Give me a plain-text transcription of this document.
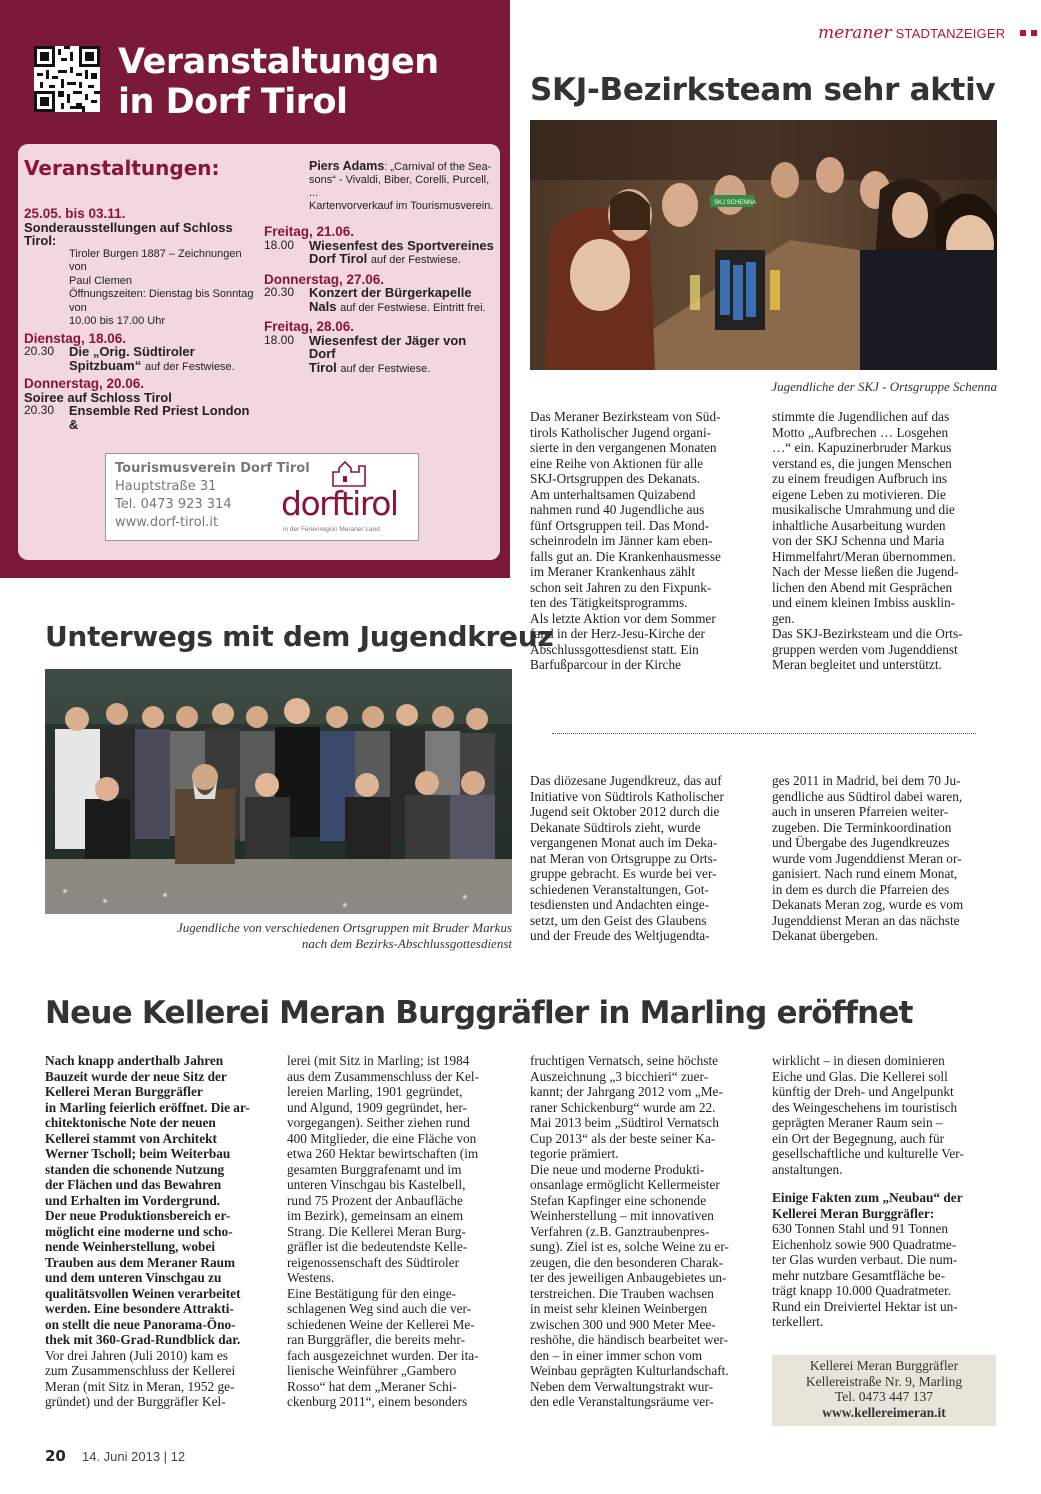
meraner STADTANZEIGER
Veranstaltungen
in Dorf Tirol
Veranstaltungen:
25.05. bis 03.11.
Sonderausstellungen auf Schloss Tirol:
Tiroler Burgen 1887 – Zeichnungen von
Paul Clemen
Öffnungszeiten: Dienstag bis Sonntag von
10.00 bis 17.00 Uhr
Dienstag, 18.06.
20.30	Die „Orig. Südtiroler
Spitzbuam“ auf der Festwiese.
Donnerstag, 20.06.
Soiree auf Schloss Tirol
20.30	Ensemble Red Priest London &
Piers Adams: „Carnival of the Sea-
sons“ - Vivaldi, Biber, Corelli, Purcell, ...
Kartenvorverkauf im Tourismusverein.
Freitag, 21.06.
18.00	Wiesenfest des Sportvereines
Dorf Tirol auf der Festwiese.
Donnerstag, 27.06.
20.30	Konzert der Bürgerkapelle
Nals auf der Festwiese. Eintritt frei.
Freitag, 28.06.
18.00	Wiesenfest der Jäger von Dorf
Tirol auf der Festwiese.
Tourismusverein Dorf Tirol
Hauptstraße 31
Tel. 0473 923 314
www.dorf-tirol.it	dorftirol
in der Ferienregion Meraner Land
SKJ-Bezirksteam sehr aktiv
SKJ SCHENNA
Jugendliche der SKJ - Ortsgruppe Schenna
Das Meraner Bezirksteam von Süd-
tirols Katholischer Jugend organi-
sierte in den vergangenen Monaten
eine Reihe von Aktionen für alle
SKJ-Ortsgruppen des Dekanats.
Am unterhaltsamen Quizabend
nahmen rund 40 Jugendliche aus
fünf Ortsgruppen teil. Das Mond-
scheinrodeln im Jänner kam eben-
falls gut an. Die Krankenhausmesse
im Meraner Krankenhaus zählt
schon seit Jahren zu den Fixpunk-
ten des Tätigkeitsprogramms.
Als letzte Aktion vor dem Sommer
fand in der Herz-Jesu-Kirche der
Abschlussgottesdienst statt. Ein
Barfußparcour in der Kirche
stimmte die Jugendlichen auf das
Motto „Aufbrechen … Losgehen
…“ ein. Kapuzinerbruder Markus
verstand es, die jungen Menschen
zu einem freudigen Aufbruch ins
eigene Leben zu motivieren. Die
musikalische Umrahmung und die
inhaltliche Ausarbeitung wurden
von der SKJ Schenna und Maria
Himmelfahrt/Meran übernommen.
Nach der Messe ließen die Jugend-
lichen den Abend mit Gesprächen
und einem kleinen Imbiss ausklin-
gen.
Das SKJ-Bezirksteam und die Orts-
gruppen werden vom Jugenddienst
Meran begleitet und unterstützt.
Unterwegs mit dem Jugendkreuz
Jugendliche von verschiedenen Ortsgruppen mit Bruder Markus
nach dem Bezirks-Abschlussgottesdienst
Das diözesane Jugendkreuz, das auf
Initiative von Südtirols Katholischer
Jugend seit Oktober 2012 durch die
Dekanate Südtirols zieht, wurde
vergangenen Monat auch im Deka-
nat Meran von Ortsgruppe zu Orts-
gruppe gebracht. Es wurde bei ver-
schiedenen Veranstaltungen, Got-
tesdiensten und Andachten einge-
setzt, um den Geist des Glaubens
und der Freude des Weltjugendta-
ges 2011 in Madrid, bei dem 70 Ju-
gendliche aus Südtirol dabei waren,
auch in unseren Pfarreien weiter-
zugeben. Die Terminkoordination
und Übergabe des Jugendkreuzes
wurde vom Jugenddienst Meran or-
ganisiert. Nach rund einem Monat,
in dem es durch die Pfarreien des
Dekanats Meran zog, wurde es vom
Jugenddienst Meran an das nächste
Dekanat übergeben.
Neue Kellerei Meran Burggräfler in Marling eröffnet
Nach knapp anderthalb Jahren
Bauzeit wurde der neue Sitz der
Kellerei Meran Burggräfler
in Marling feierlich eröffnet. Die ar-
chitektonische Note der neuen
Kellerei stammt von Architekt
Werner Tscholl; beim Weiterbau
standen die schonende Nutzung
der Flächen und das Bewahren
und Erhalten im Vordergrund.
Der neue Produktionsbereich er-
möglicht eine moderne und scho-
nende Weinherstellung, wobei
Trauben aus dem Meraner Raum
und dem unteren Vinschgau zu
qualitätsvollen Weinen verarbeitet
werden. Eine besondere Attrakti-
on stellt die neue Panorama-Öno-
thek mit 360-Grad-Rundblick dar.
Vor drei Jahren (Juli 2010) kam es
zum Zusammenschluss der Kellerei
Meran (mit Sitz in Meran, 1952 ge-
gründet) und der Burggräfler Kel-
lerei (mit Sitz in Marling; ist 1984
aus dem Zusammenschluss der Kel-
lereien Marling, 1901 gegründet,
und Algund, 1909 gegründet, her-
vorgegangen). Seither ziehen rund
400 Mitglieder, die eine Fläche von
etwa 260 Hektar bewirtschaften (im
gesamten Burggrafenamt und im
unteren Vinschgau bis Kastelbell,
rund 75 Prozent der Anbaufläche
im Bezirk), gemeinsam an einem
Strang. Die Kellerei Meran Burg-
gräfler ist die bedeutendste Kelle-
reigenossenschaft des Südtiroler
Westens.
Eine Bestätigung für den einge-
schlagenen Weg sind auch die ver-
schiedenen Weine der Kellerei Me-
ran Burggräfler, die bereits mehr-
fach ausgezeichnet wurden. Der ita-
lienische Weinführer „Gambero
Rosso“ hat dem „Meraner Schi-
ckenburg 2011“, einem besonders
fruchtigen Vernatsch, seine höchste
Auszeichnung „3 bicchieri“ zuer-
kannt; der Jahrgang 2012 vom „Me-
raner Schickenburg“ wurde am 22.
Mai 2013 beim „Südtirol Vernatsch
Cup 2013“ als der beste seiner Ka-
tegorie prämiert.
Die neue und moderne Produkti-
onsanlage ermöglicht Kellermeister
Stefan Kapfinger eine schonende
Weinherstellung – mit innovativen
Verfahren (z.B. Ganztraubenpres-
sung). Ziel ist es, solche Weine zu er-
zeugen, die den besonderen Charak-
ter des jeweiligen Anbaugebietes un-
terstreichen. Die Trauben wachsen
in meist sehr kleinen Weinbergen
zwischen 300 und 900 Meter Mee-
reshöhe, die händisch bearbeitet wer-
den – in einer immer schon vom
Weinbau geprägten Kulturlandschaft.
Neben dem Verwaltungstrakt wur-
den edle Veranstaltungsräume ver-
wirklicht – in diesen dominieren
Eiche und Glas. Die Kellerei soll
künftig der Dreh- und Angelpunkt
des Weingeschehens im touristisch
geprägten Meraner Raum sein –
ein Ort der Begegnung, auch für
gesellschaftliche und kulturelle Ver-
anstaltungen.
Einige Fakten zum „Neubau“ der
Kellerei Meran Burggräfler:
630 Tonnen Stahl und 91 Tonnen
Eichenholz sowie 900 Quadratme-
ter Glas wurden verbaut. Die num-
mehr nutzbare Gesamtfläche be-
trägt knapp 10.000 Quadratmeter.
Rund ein Dreiviertel Hektar ist un-
terkellert.
Kellerei Meran Burggräfler
Kellereistraße Nr. 9, Marling
Tel. 0473 447 137
www.kellereimeran.it
20 14. Juni 2013 | 12
